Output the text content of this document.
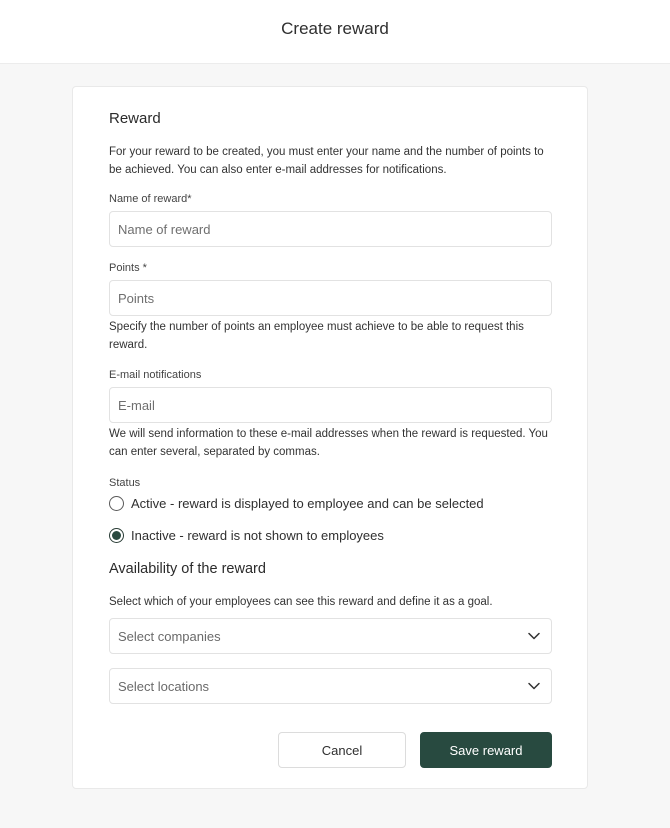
Create reward
Reward

For your reward to be created, you must enter your name and the number of points to be achieved. You can also enter e-mail addresses for notifications.

Name of reward*
Name of reward
Points *
Points

Specify the number of points an employee must achieve to be able to request this reward.

E-mail notifications
E-mail

We will send information to these e-mail addresses when the reward is requested. You can enter several, separated by commas.

Status
Active - reward is displayed to employee and can be selected
Inactive - reward is not shown to employees
Availability of the reward

Select which of your employees can see this reward and define it as a goal.

Select companies
Select locations
Cancel	Save reward
